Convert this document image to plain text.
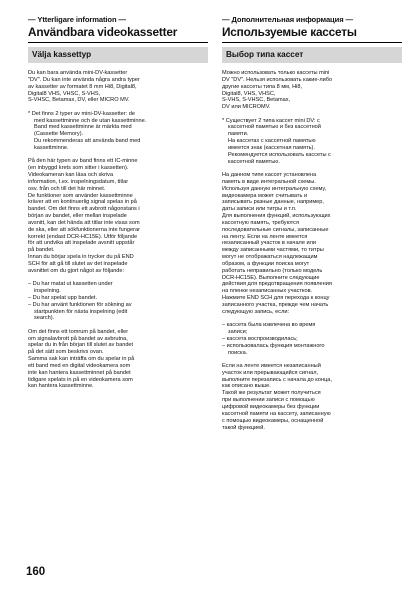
— Ytterligare information —
Användbara videokassetter
Välja kassettyp

Du kan bara använda mini-DV-kassetter
"DV". Du kan inte använda några andra typer
av kassetter av formatet 8 mm Hi8, Digital8,
Digital8 VHS, VHSC, S-VHS,
S-VHSC, Betamax, DV, eller MICRO MV.

* Det finns 2 typer av mini-DV-kassetter: de
med kassettminne och de utan kassettminne.
Band med kassettminne är märkta med
(Cassette Memory).
Du rekommenderas att använda band med
kassettminne.

På den här typen av band finns ett IC-minne
(en inbyggd krets som sitter i kassetten).
Videokameran kan läsa och skriva
information, t.ex. inspelningsdatum, titlar
osv. från och till det här minnet.
De funktioner som använder kassettminne
kräver att en kontinuerlig signal spelas in på
bandet. Om det finns ett avbrott någonstans i
början av bandet, eller mellan inspelade
avsnitt, kan det hända att titlar inte visas som
de ska, eller att sökfunktionerna inte fungerar
korrekt (endast DCR-HC15E). Utför följande
för att undvika att inspelade avsnitt uppstår
på bandet.
Innan du börjar spela in trycker du på END
SCH för att gå till slutet av det inspelade
avsnittet om du gjort något av följande:

– Du har matat ut kassetten under
inspelning.
– Du har spelat upp bandet.
– Du har använt funktionen för sökning av
startpunkten för nästa inspelning (edit
search).

Om det finns ett tomrum på bandet, eller
om signalavbrott på bandet av avbrutna,
spelar du in från början till slutet av bandet
på det sätt som beskrivs ovan.
Samma sak kan inträffa om du spelar in på
ett band med en digital videokamera som
inte kan hantera kassettminnet på bandet
tidigare spelats in på en videokamera som
kan hantera kassettminne.

— Дополнительная информация —
Используемые кассеты
Выбор типа кассет

Можно использовать только кассеты mini
DV "DV". Нельзя использовать какие-либо
другие кассеты типа 8 мм, Hi8,
Digital8, VHS, VHSC,
S-VHS, S-VHSC, Betamax,
DV или MICROMV.

* Существует 2 типа кассет mini DV: с
кассетной памятью и без кассетной
памяти.
На кассетах с кассетной памятью
имеется знак (кассетная память).
Рекомендуется использовать кассеты с
кассетной памятью.

На данном типе кассет установлена
память в виде интегральной схемы.
Используя данную интегральную схему,
видеокамера может считывать и
записывать разные данные, например,
даты записи или титры и т.п.
Для выполнения функций, использующих
кассетную память, требуются
последовательные сигналы, записанные
на ленту. Если на ленте имеется
незаписанный участок в начале или
между записанными частями, то титры
могут не отображаться надлежащим
образом, а функции поиска могут
работать неправильно (только модель
DCR-HC15E). Выполните следующие
действия для предотвращения появления
на пленке незаписанных участков.
Нажмите END SCH для перехода к концу
записанного участка, прежде чем начать
следующую запись, если:

– кассета была извлечена во время
записи;
– кассета воспроизводилась;
– использовалась функция монтажного
поиска.

Если на ленте имеется незаписанный
участок или прерывающийся сигнал,
выполните перезапись с начала до конца,
как описано выше.
Такой же результат может получиться
при выполнении записи с помощью
цифровой видеокамеры без функции
кассетной памяти на кассету, записанную
с помощью видеокамеры, оснащенной
такой функцией.

160
